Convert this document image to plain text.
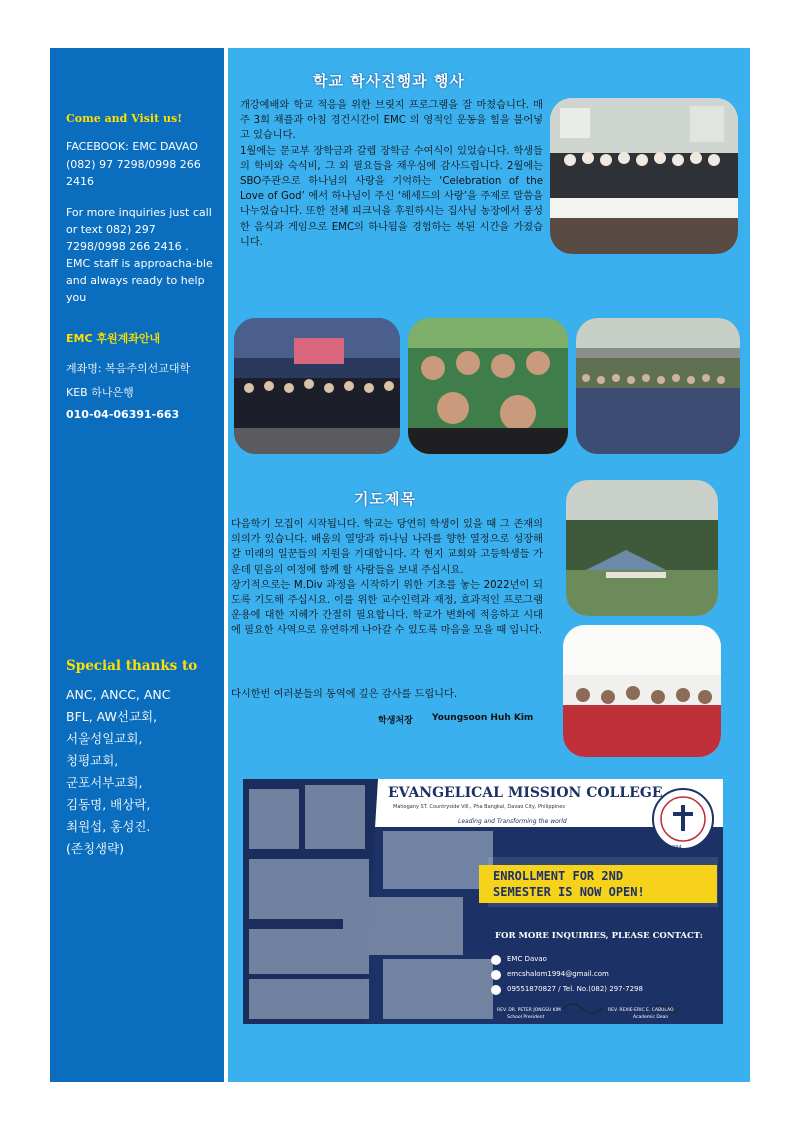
Come and Visit us!
FACEBOOK: EMC DAVAO
(082) 97 7298/0998 266 2416
For more inquiries just call or text 082) 297 7298/0998 266 2416 . EMC staff is approacha-ble and always ready to help you
EMC 후원계좌안내
계좌명: 복음주의선교대학
KEB 하나은행
010-04-06391-663
Special thanks to
ANC, ANCC, ANC
BFL, AW선교회,
서울성일교회,
청평교회,
군포서부교회,
김동명, 배상락,
최원섭, 홍성진.
(존칭생략)
학교 학사진행과 행사
개강예배와 학교 적응을 위한 브릿지 프로그램을 잘 마쳤습니다. 매주 3회 채플과 아침 경건시간이 EMC 의 영적인 운동을 힘을 불어넣고 있습니다.
1월에는 문교부 장학금과 갈렙 장학금 수여식이 있었습니다. 학생들의 학비와 숙식비, 그 외 필요들을 채우심에 감사드립니다. 2월에는 SBO주관으로 하나님의 사랑을 기억하는 ‘Celebration of the Love of God’ 에서 하나님이 주신 ‘헤세드의 사랑’을 주제로 말씀을 나누었습니다. 또한 전체 피크닉을 후원하시는 집사님 농장에서 풍성한 음식과 게임으로 EMC의 하나됨을 경험하는 복된 시간을 가졌습니다.
기도제목
다음학기 모집이 시작됩니다. 학교는 당연히 학생이 있을 때 그 존재의 의의가 있습니다. 배움의 열망과 하나님 나라를 향한 열정으로 성장해 갈 미래의 일꾼들의 지원을 기대합니다. 각 현지 교회와 고등학생들 가운데 믿음의 여정에 함께 할 사람들을 보내 주십시요.
장기적으로는 M.Div 과정을 시작하기 위한 기초를 놓는 2022년이 되도록 기도해 주십시요. 이를 위한 교수인력과 재정, 효과적인 프로그램 운용에 대한 지혜가 간절히 필요합니다. 학교가 변화에 적응하고 시대에 필요한 사역으로 유연하게 나아갈 수 있도록 마음을 모을 때 입니다.
다시한번 여러분들의 동역에 깊은 감사를 드립니다.
학생처장 Youngsoon Huh Kim
EVANGELICAL MISSION COLLEGE
Mahogany ST. Countryside Vill., Pha Bangkal, Davao City, Philippines
Leading and Transforming the world
ENROLLMENT FOR 2ND
SEMESTER IS NOW OPEN!
FOR MORE INQUIRIES, PLEASE CONTACT:
EMC Davao
emcshalom1994@gmail.com
09551870827 / Tel. No.(082) 297-7298
REV. DR. PETER JONGSU KIM
School President
REV. REXIE-ERIC E. CABULAO
Academic Dean
1994
